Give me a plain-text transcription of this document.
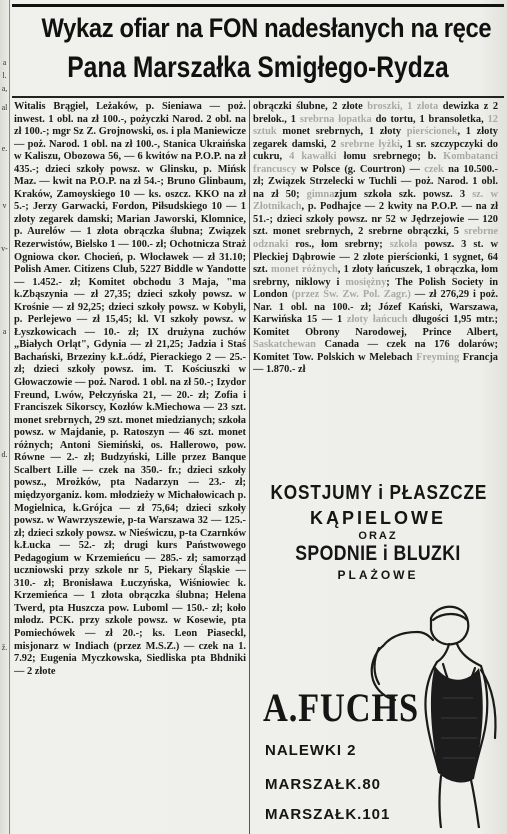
a
l.
a,
al
e.
v
v-
a
d.
ž.
Wykaz ofiar na FON nadesłanych na ręce
Pana Marszałka Smigłego-Rydza
Witalis Brągiel, Leżaków, p. Sieniawa — poż. inwest. 1 obl. na zł 100.-, pożyczki Narod. 2 obl. na zł 100.-; mgr Sz Z. Grojnowski, os. i pla Maniewicze — poż. Narod. 1 obl. na zł 100.-, Stanica Ukraińska w Kaliszu, Obozowa 56, — 6 kwitów na P.O.P. na zł 435.-; dzieci szkoły powsz. w Glinsku, p. Mińsk Maz. — kwit na P.O.P. na zł 54.-; Bruno Glinbaum, Kraków, Zamoyskiego 10 — ks. oszcz. KKO na zł 5.-; Jerzy Garwacki, Fordon, Piłsudskiego 10 — 1 złoty zegarek damski; Marian Jaworski, Klomnice, p. Aurelów — 1 złota obrączka ślubna; Związek Rezerwistów, Bielsko 1 — 100.- zł; Ochotnicza Straż Ogniowa ckor. Chocień, p. Włocławek — zł 31.10; Polish Amer. Citizens Club, 5227 Biddle w Yandotte — 1.452.- zł; Komitet obchodu 3 Maja, "ma k.Zbąszynia — zł 27,35; dzieci szkoły powsz. w Krośnie — zł 92,25; dzieci szkoły powsz. w Kobyli, p. Perlejewo — zł 15,45; kl. VI szkoły powsz. w Łyszkowicach — 10.- zł; IX drużyna zuchów „Białych Orląt", Gdynia — zł 21,25; Jadzia i Staś Bachański, Brzeziny k.Ł.ódź, Pierackiego 2 — 25.- zł; dzieci szkoły powsz. im. T. Kościuszki w Głowaczowie — poż. Narod. 1 obl. na zł 50.-; Izydor Freund, Lwów, Pełczyńska 21, — 20.- zł; Zofia i Franciszek Sikorscy, Kozłów k.Miechowa — 23 szt. monet srebrnych, 29 szt. monet miedzianych; szkoła powsz. w Majdanie, p. Ratoszyn — 46 szt. monet różnych; Antoni Siemiński, os. Hallerowo, pow. Równe — 2.- zł; Budzyński, Lille przez Banque Scalbert Lille — czek na 350.- fr.; dzieci szkoły powsz., Mrożków, pta Nadarzyn — 23.- zł; międzyorganiz. kom. młodzieży w Michałowicach p. Mogielnica, k.Grójca — zł 75,64; dzieci szkoły powsz. w Wawrzyszewie, p-ta Warszawa 32 — 125.- zł; dzieci szkoły powsz. w Nieświczu, p-ta Czarnków k.Łucka — 52.- zł; drugi kurs Państwowego Pedagogium w Krzemieńcu — 285.- zł; samorząd uczniowski przy szkole nr 5, Piekary Śląskie — 310.- zł; Bronisława Łuczyńska, Wiśniowiec k. Krzemieńca — 1 złota obrączka ślubna; Helena Twerd, pta Huszcza pow. Luboml — 150.- zł; koło młodz. PCK. przy szkole powsz. w Kosewie, pta Pomiechówek — zł 20.-; ks. Leon Piaseckl, misjonarz w Indiach (przez M.S.Z.) — czek na 1. 7.92; Eugenia Myczkowska, Siedliska pta Bhdniki — 2 złote
obrączki ślubne, 2 złote broszki, 1 złota dewizka z 2 brelok., 1 srebrna łopatka do tortu, 1 bransoletka, 12 sztuk monet srebrnych, 1 złoty pierścionek, 1 złoty zegarek damski, 2 srebrne łyżki, 1 sr. szczypczyki do cukru, 4 kawałki łomu srebrnego; b. Kombatanci francuscy w Polsce (g. Courtron) — czek na 10.500.- zł; Związek Strzelecki w Tuchli — poż. Narod. 1 obl. na zł 50; gimnazjum szkoła szk. powsz. 3 sz. w Złotnikach, p. Podhajce — 2 kwity na P.O.P. — na zł 51.-; dzieci szkoły powsz. nr 52 w Jędrzejowie — 120 szt. monet srebrnych, 2 srebrne obrączki, 5 srebrne odznaki ros., łom srebrny; szkoła powsz. 3 st. w Pleckiej Dąbrowie — 2 złote pierścionki, 1 sygnet, 64 szt. monet różnych, 1 złoty łańcuszek, 1 obrączka, łom srebrny, niklowy i mosiężny; The Polish Society in London (przez Św. Zw. Pol. Zagr.) — zł 276,29 i poż. Nar. 1 obl. na 100.- zł; Józef Kański, Warszawa, Karwińska 15 — 1 złoty łańcuch długości 1,95 mtr.; Komitet Obrony Narodowej, Prince Albert, Saskatchewan Canada — czek na 176 dolarów; Komitet Tow. Polskich w Melebach Freyming Francja — 1.870.- zł
KOSTJUMY i PŁASZCZE
KĄPIELOWE
ORAZ
SPODNIE i BLUZKI
PLAŻOWE
A.FUCHS
NALEWKI 2
MARSZAŁK.80
MARSZAŁK.101
